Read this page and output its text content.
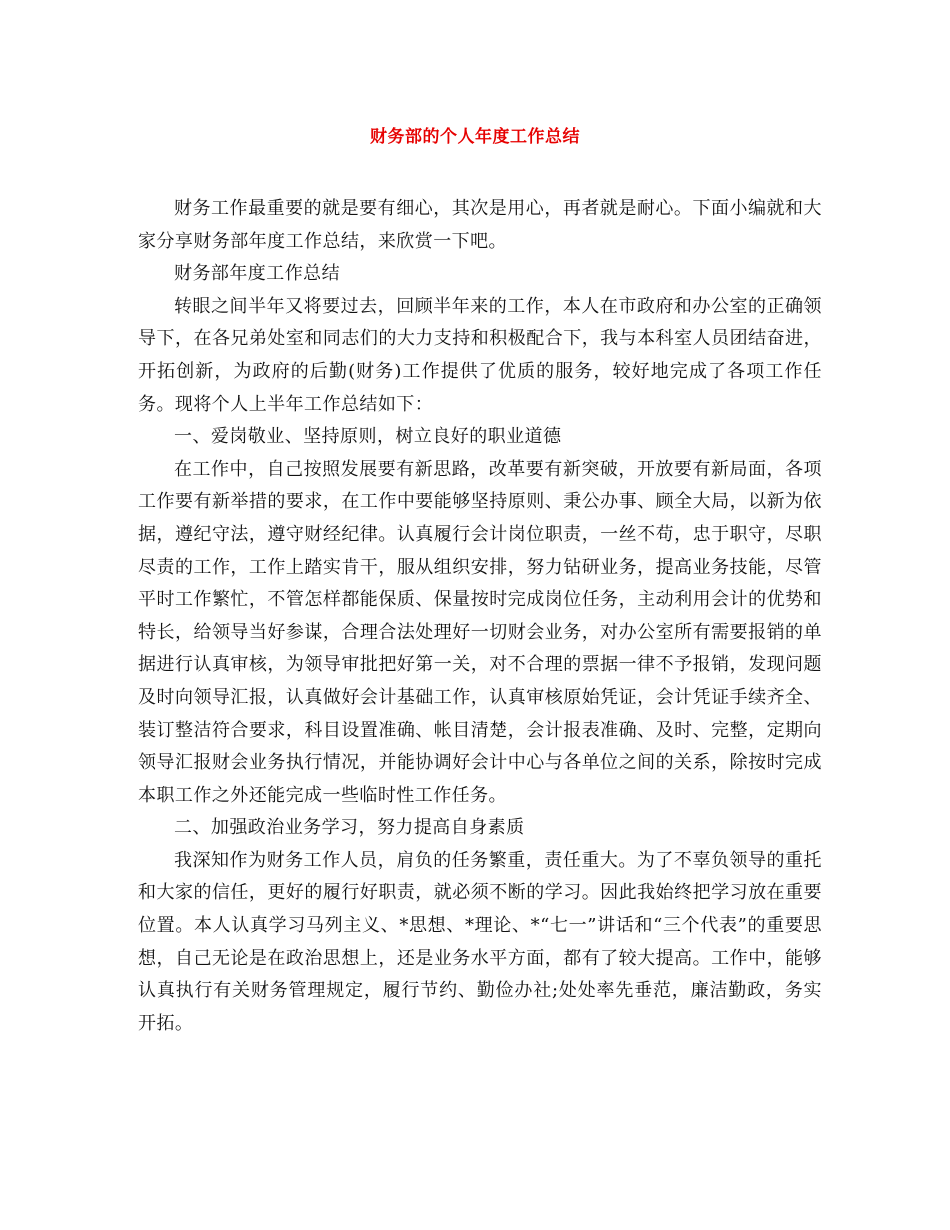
财务部的个人年度工作总结

财务工作最重要的就是要有细心，其次是用心，再者就是耐心。下面小编就和大家分享财务部年度工作总结，来欣赏一下吧。

财务部年度工作总结

转眼之间半年又将要过去，回顾半年来的工作，本人在市政府和办公室的正确领导下，在各兄弟处室和同志们的大力支持和积极配合下，我与本科室人员团结奋进，开拓创新，为政府的后勤(财务)工作提供了优质的服务，较好地完成了各项工作任务。现将个人上半年工作总结如下：

一、爱岗敬业、坚持原则，树立良好的职业道德

在工作中，自己按照发展要有新思路，改革要有新突破，开放要有新局面，各项工作要有新举措的要求，在工作中要能够坚持原则、秉公办事、顾全大局，以新为依据，遵纪守法，遵守财经纪律。认真履行会计岗位职责，一丝不苟，忠于职守，尽职尽责的工作，工作上踏实肯干，服从组织安排，努力钻研业务，提高业务技能，尽管平时工作繁忙，不管怎样都能保质、保量按时完成岗位任务，主动利用会计的优势和特长，给领导当好参谋，合理合法处理好一切财会业务，对办公室所有需要报销的单据进行认真审核，为领导审批把好第一关，对不合理的票据一律不予报销，发现问题及时向领导汇报，认真做好会计基础工作，认真审核原始凭证，会计凭证手续齐全、装订整洁符合要求，科目设置准确、帐目清楚，会计报表准确、及时、完整，定期向领导汇报财会业务执行情况，并能协调好会计中心与各单位之间的关系，除按时完成本职工作之外还能完成一些临时性工作任务。

二、加强政治业务学习，努力提高自身素质

我深知作为财务工作人员，肩负的任务繁重，责任重大。为了不辜负领导的重托和大家的信任，更好的履行好职责，就必须不断的学习。因此我始终把学习放在重要位置。本人认真学习马列主义、*思想、*理论、*“七一”讲话和“三个代表”的重要思想，自己无论是在政治思想上，还是业务水平方面，都有了较大提高。工作中，能够认真执行有关财务管理规定，履行节约、勤俭办社;处处率先垂范，廉洁勤政，务实开拓。
